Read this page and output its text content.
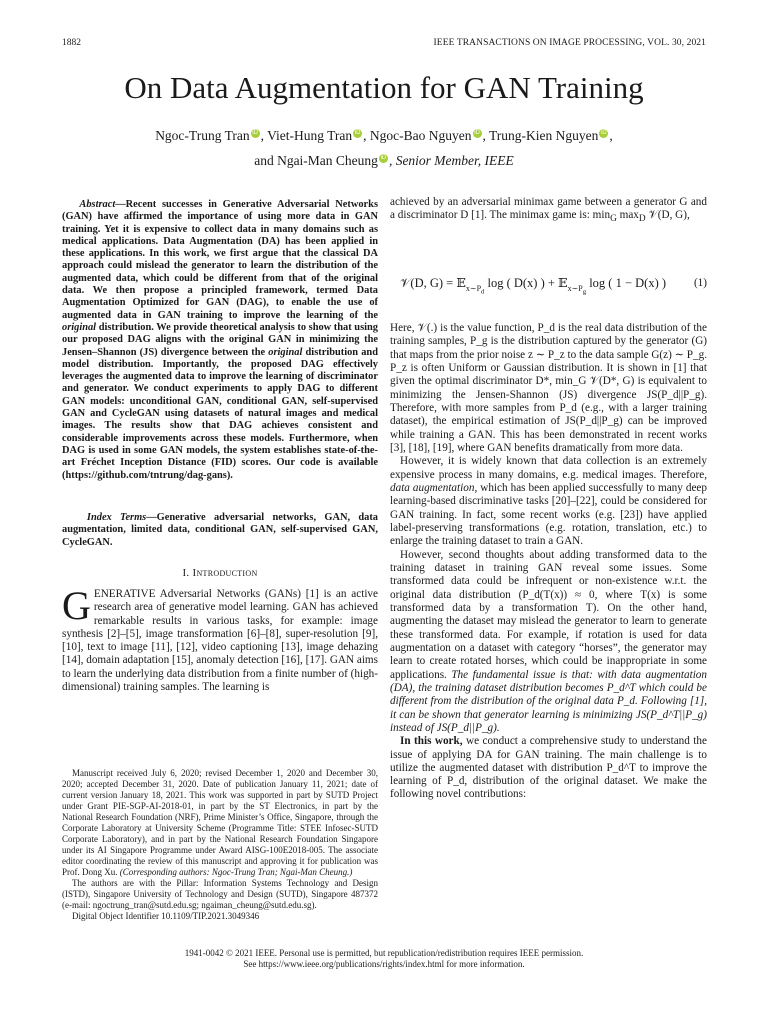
1882	IEEE TRANSACTIONS ON IMAGE PROCESSING, VOL. 30, 2021
On Data Augmentation for GAN Training
Ngoc-Trung Tran iD , Viet-Hung Tran iD , Ngoc-Bao Nguyen iD , Trung-Kien Nguyen iD ,
and Ngai-Man Cheung iD , Senior Member, IEEE
Abstract—Recent successes in Generative Adversarial Networks (GAN) have affirmed the importance of using more data in GAN training. Yet it is expensive to collect data in many domains such as medical applications. Data Augmentation (DA) has been applied in these applications. In this work, we first argue that the classical DA approach could mislead the generator to learn the distribution of the augmented data, which could be different from that of the original data. We then propose a principled framework, termed Data Augmentation Optimized for GAN (DAG), to enable the use of augmented data in GAN training to improve the learning of the original distribution. We provide theoretical analysis to show that using our proposed DAG aligns with the original GAN in minimizing the Jensen–Shannon (JS) divergence between the original distribution and model distribution. Importantly, the proposed DAG effectively leverages the augmented data to improve the learning of discriminator and generator. We conduct experiments to apply DAG to different GAN models: unconditional GAN, conditional GAN, self-supervised GAN and CycleGAN using datasets of natural images and medical images. The results show that DAG achieves consistent and considerable improvements across these models. Furthermore, when DAG is used in some GAN models, the system establishes state-of-the-art Fréchet Inception Distance (FID) scores. Our code is available (https://github.com/tntrung/dag-gans).
Index Terms—Generative adversarial networks, GAN, data augmentation, limited data, conditional GAN, self-supervised GAN, CycleGAN.
I. Introduction
GENERATIVE Adversarial Networks (GANs) [1] is an active research area of generative model learning. GAN has achieved remarkable results in various tasks, for example: image synthesis [2]–[5], image transformation [6]–[8], super-resolution [9], [10], text to image [11], [12], video captioning [13], image dehazing [14], domain adaptation [15], anomaly detection [16], [17]. GAN aims to learn the underlying data distribution from a finite number of (high-dimensional) training samples. The learning is

Manuscript received July 6, 2020; revised December 1, 2020 and December 30, 2020; accepted December 31, 2020. Date of publication January 11, 2021; date of current version January 18, 2021. This work was supported in part by SUTD Project under Grant PIE-SGP-AI-2018-01, in part by the ST Electronics, in part by the National Research Foundation (NRF), Prime Minister’s Office, Singapore, through the Corporate Laboratory at University Scheme (Programme Title: STEE Infosec-SUTD Corporate Laboratory), and in part by the National Research Foundation Singapore under its AI Singapore Programme under Award AISG-100E2018-005. The associate editor coordinating the review of this manuscript and approving it for publication was Prof. Dong Xu. (Corresponding authors: Ngoc-Trung Tran; Ngai-Man Cheung.)

The authors are with the Pillar: Information Systems Technology and Design (ISTD), Singapore University of Technology and Design (SUTD), Singapore 487372 (e-mail: ngoctrung_tran@sutd.edu.sg; ngaiman_cheung@sutd.edu.sg).

Digital Object Identifier 10.1109/TIP.2021.3049346

achieved by an adversarial minimax game between a generator G and a discriminator D [1]. The minimax game is: $\min_G \max_D$ 𝒱(D, G),

𝒱(D, G) = 𝔼$_{x\sim P_d}$ log ( D(x) ) + 𝔼$_{x\sim P_g}$ log ( 1 − D(x) ) (1)

Here, 𝒱(.) is the value function, P_d is the real data distribution of the training samples, P_g is the distribution captured by the generator (G) that maps from the prior noise z ∼ P_z to the data sample G(z) ∼ P_g. P_z is often Uniform or Gaussian distribution. It is shown in [1] that given the optimal discriminator D*, min_G 𝒱(D*, G) is equivalent to minimizing the Jensen-Shannon (JS) divergence JS(P_d||P_g). Therefore, with more samples from P_d (e.g., with a larger training dataset), the empirical estimation of JS(P_d||P_g) can be improved while training a GAN. This has been demonstrated in recent works [3], [18], [19], where GAN benefits dramatically from more data.

However, it is widely known that data collection is an extremely expensive process in many domains, e.g. medical images. Therefore, data augmentation, which has been applied successfully to many deep learning-based discriminative tasks [20]–[22], could be considered for GAN training. In fact, some recent works (e.g. [23]) have applied label-preserving transformations (e.g. rotation, translation, etc.) to enlarge the training dataset to train a GAN.

However, second thoughts about adding transformed data to the training dataset in training GAN reveal some issues. Some transformed data could be infrequent or non-existence w.r.t. the original data distribution (P_d(T(x)) ≈ 0, where T(x) is some transformed data by a transformation T). On the other hand, augmenting the dataset may mislead the generator to learn to generate these transformed data. For example, if rotation is used for data augmentation on a dataset with category “horses”, the generator may learn to create rotated horses, which could be inappropriate in some applications. The fundamental issue is that: with data augmentation (DA), the training dataset distribution becomes P_d^T which could be different from the distribution of the original data P_d. Following [1], it can be shown that generator learning is minimizing JS(P_d^T||P_g) instead of JS(P_d||P_g).

In this work, we conduct a comprehensive study to understand the issue of applying DA for GAN training. The main challenge is to utilize the augmented dataset with distribution P_d^T to improve the learning of P_d, distribution of the original dataset. We make the following novel contributions:

1941-0042 © 2021 IEEE. Personal use is permitted, but republication/redistribution requires IEEE permission.
See https://www.ieee.org/publications/rights/index.html for more information.
